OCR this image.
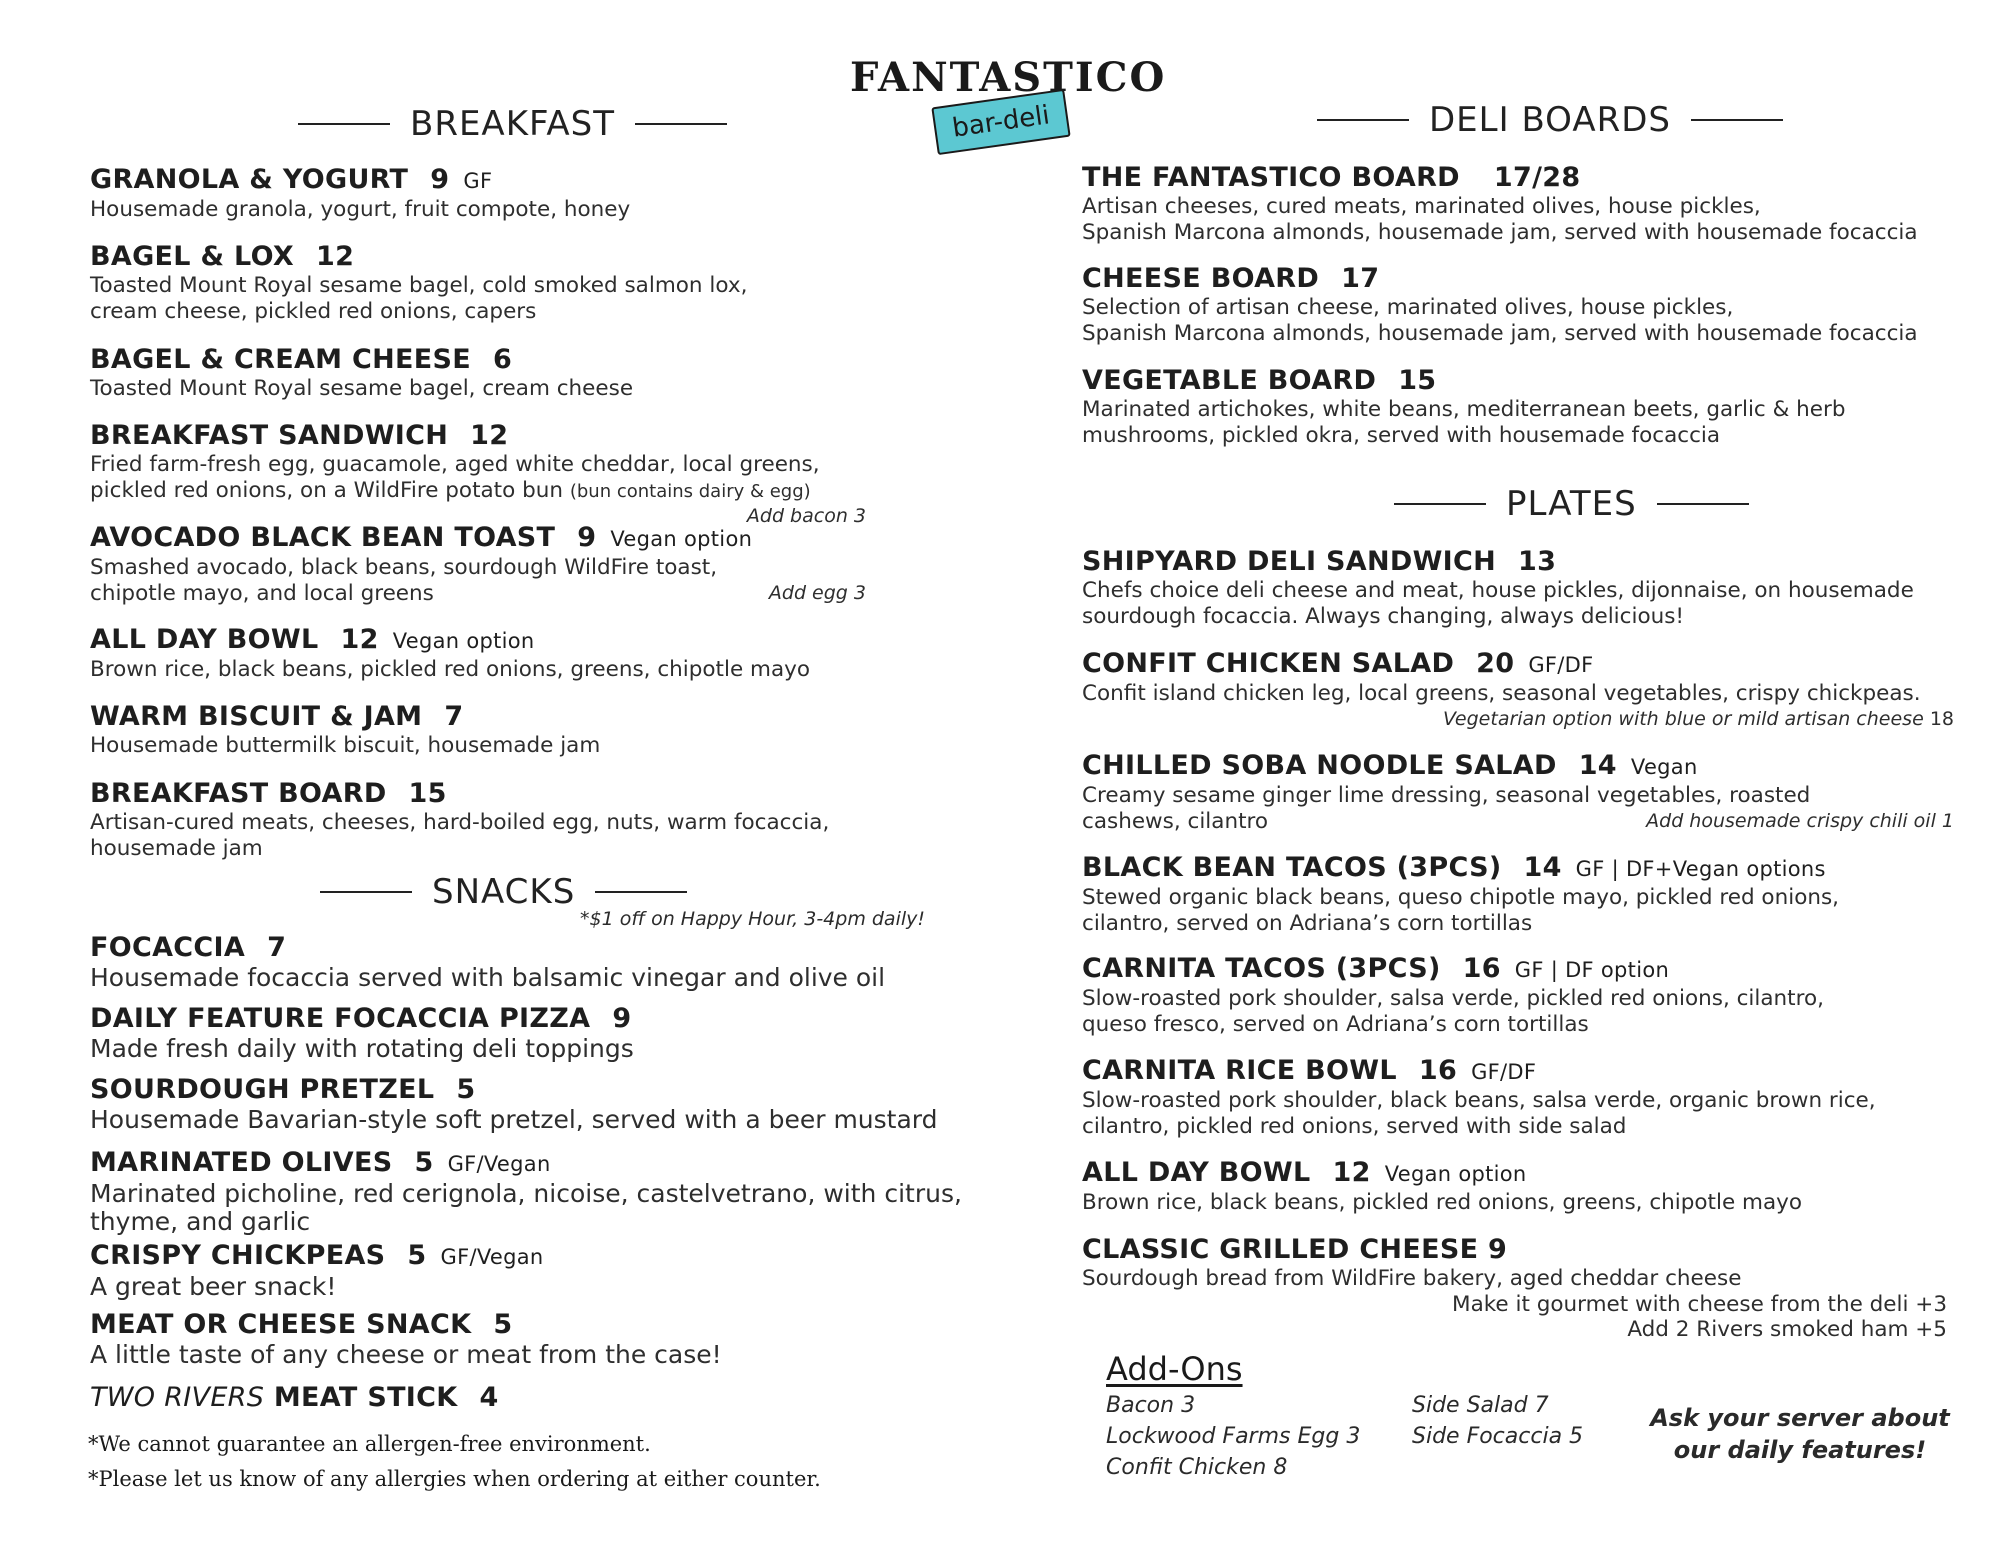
FANTASTICO
bar-deli
BREAKFAST
GRANOLA & YOGURT 9 GF
Housemade granola, yogurt, fruit compote, honey
BAGEL & LOX 12
Toasted Mount Royal sesame bagel, cold smoked salmon lox,
cream cheese, pickled red onions, capers
BAGEL & CREAM CHEESE 6
Toasted Mount Royal sesame bagel, cream cheese
BREAKFAST SANDWICH 12
Fried farm-fresh egg, guacamole, aged white cheddar, local greens,
pickled red onions, on a WildFire potato bun (bun contains dairy & egg)
Add bacon 3
AVOCADO BLACK BEAN TOAST 9 Vegan option
Smashed avocado, black beans, sourdough WildFire toast,
chipotle mayo, and local greens	Add egg 3
ALL DAY BOWL 12 Vegan option
Brown rice, black beans, pickled red onions, greens, chipotle mayo
WARM BISCUIT & JAM 7
Housemade buttermilk biscuit, housemade jam
BREAKFAST BOARD 15
Artisan-cured meats, cheeses, hard-boiled egg, nuts, warm focaccia,
housemade jam
SNACKS
*$1 off on Happy Hour, 3-4pm daily!
FOCACCIA 7
Housemade focaccia served with balsamic vinegar and olive oil
DAILY FEATURE FOCACCIA PIZZA 9
Made fresh daily with rotating deli toppings
SOURDOUGH PRETZEL 5
Housemade Bavarian-style soft pretzel, served with a beer mustard
MARINATED OLIVES 5 GF/Vegan
Marinated picholine, red cerignola, nicoise, castelvetrano, with citrus,
thyme, and garlic
CRISPY CHICKPEAS 5 GF/Vegan
A great beer snack!
MEAT OR CHEESE SNACK 5
A little taste of any cheese or meat from the case!
TWO RIVERS MEAT STICK 4
*We cannot guarantee an allergen-free environment.
*Please let us know of any allergies when ordering at either counter.
DELI BOARDS
THE FANTASTICO BOARD 17/28
Artisan cheeses, cured meats, marinated olives, house pickles,
Spanish Marcona almonds, housemade jam, served with housemade focaccia
CHEESE BOARD 17
Selection of artisan cheese, marinated olives, house pickles,
Spanish Marcona almonds, housemade jam, served with housemade focaccia
VEGETABLE BOARD 15
Marinated artichokes, white beans, mediterranean beets, garlic & herb
mushrooms, pickled okra, served with housemade focaccia
PLATES
SHIPYARD DELI SANDWICH 13
Chefs choice deli cheese and meat, house pickles, dijonnaise, on housemade
sourdough focaccia. Always changing, always delicious!
CONFIT CHICKEN SALAD 20 GF/DF
Confit island chicken leg, local greens, seasonal vegetables, crispy chickpeas.
Vegetarian option with blue or mild artisan cheese 18
CHILLED SOBA NOODLE SALAD 14 Vegan
Creamy sesame ginger lime dressing, seasonal vegetables, roasted
cashews, cilantro	Add housemade crispy chili oil 1
BLACK BEAN TACOS (3PCS) 14 GF | DF+Vegan options
Stewed organic black beans, queso chipotle mayo, pickled red onions,
cilantro, served on Adriana’s corn tortillas
CARNITA TACOS (3PCS) 16 GF | DF option
Slow-roasted pork shoulder, salsa verde, pickled red onions, cilantro,
queso fresco, served on Adriana’s corn tortillas
CARNITA RICE BOWL 16 GF/DF
Slow-roasted pork shoulder, black beans, salsa verde, organic brown rice,
cilantro, pickled red onions, served with side salad
ALL DAY BOWL 12 Vegan option
Brown rice, black beans, pickled red onions, greens, chipotle mayo
CLASSIC GRILLED CHEESE 9
Sourdough bread from WildFire bakery, aged cheddar cheese
Make it gourmet with cheese from the deli +3
Add 2 Rivers smoked ham +5
Add-Ons
Bacon 3
Lockwood Farms Egg 3
Confit Chicken 8
Side Salad 7
Side Focaccia 5
Ask your server about
our daily features!
